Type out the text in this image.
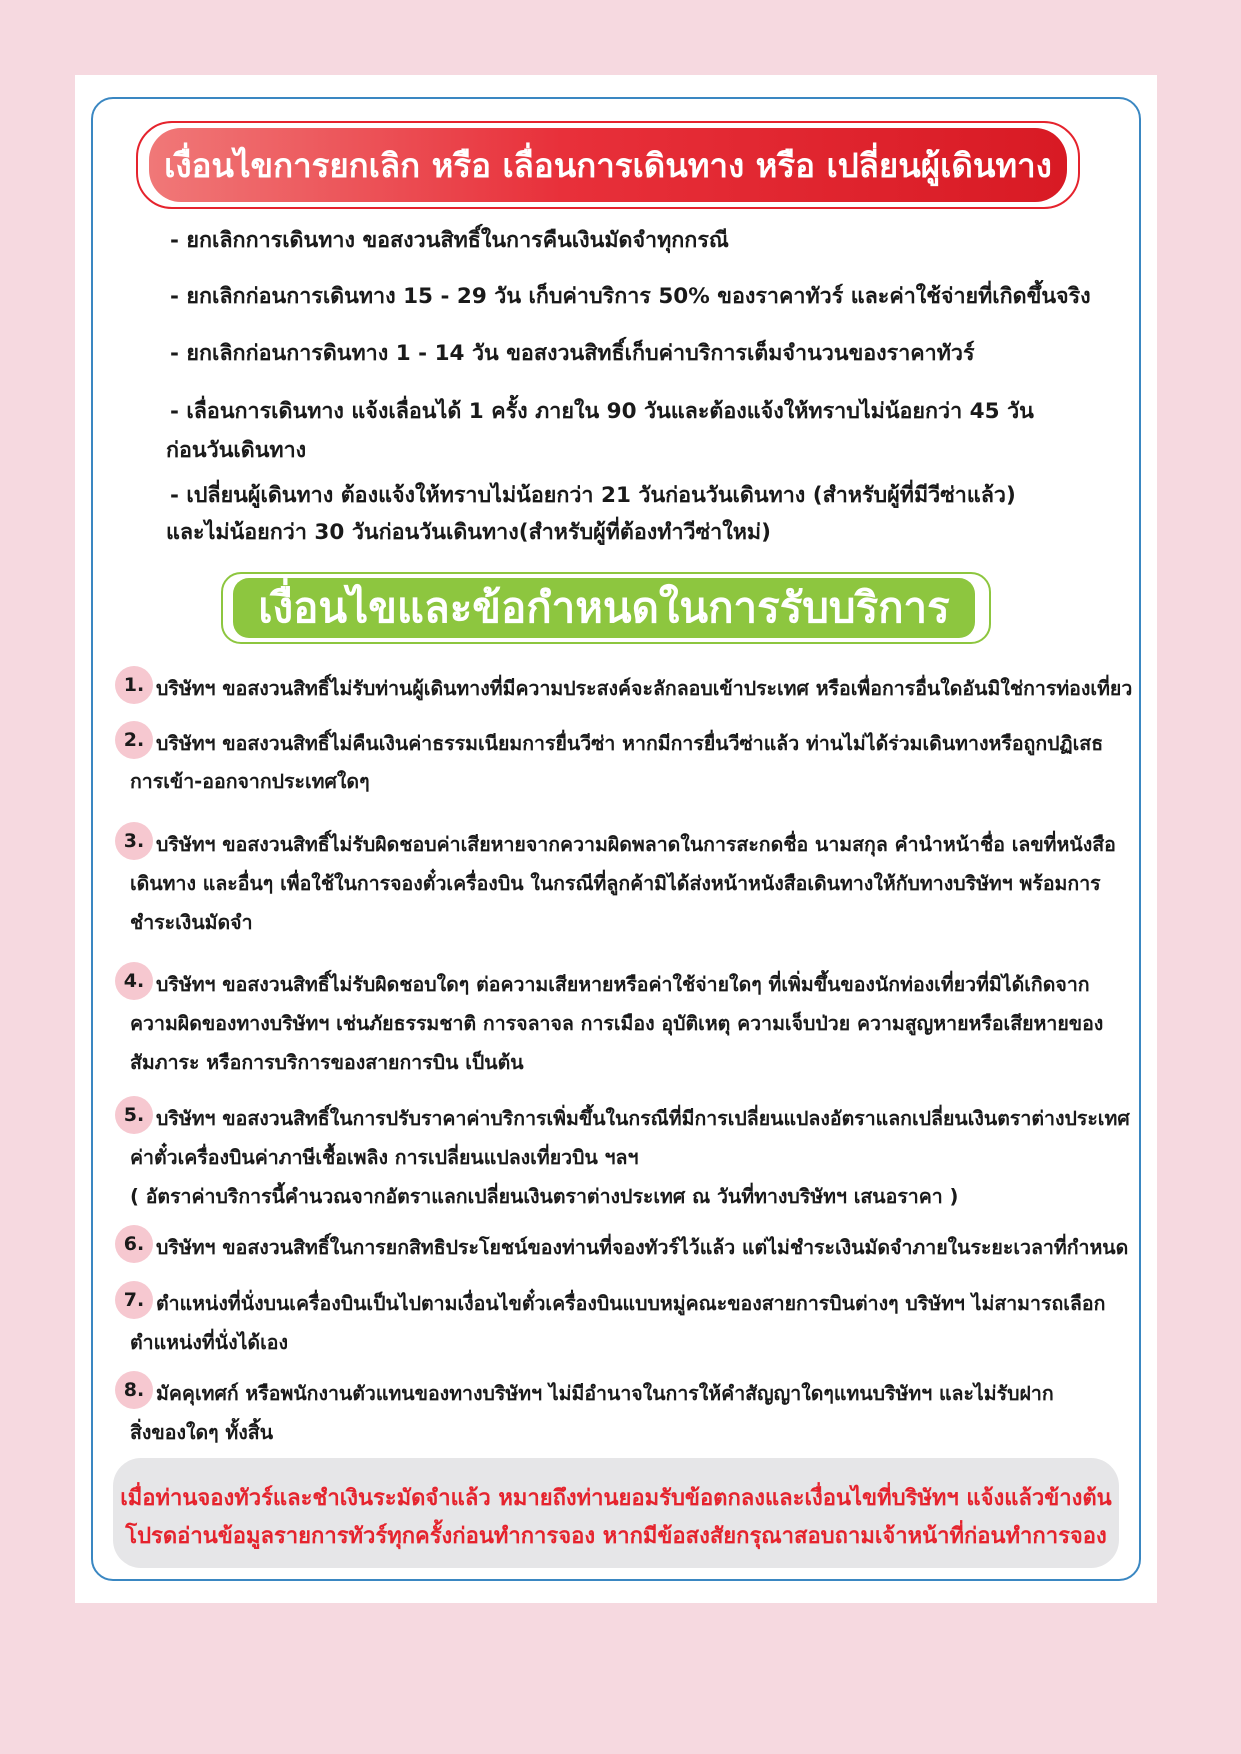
เงื่อนไขการยกเลิก หรือ เลื่อนการเดินทาง หรือ เปลี่ยนผู้เดินทาง
- ยกเลิกการเดินทาง ขอสงวนสิทธิ์ในการคืนเงินมัดจำทุกกรณี
- ยกเลิกก่อนการเดินทาง 15 - 29 วัน เก็บค่าบริการ 50% ของราคาทัวร์ และค่าใช้จ่ายที่เกิดขึ้นจริง
- ยกเลิกก่อนการดินทาง 1 - 14 วัน ขอสงวนสิทธิ์เก็บค่าบริการเต็มจำนวนของราคาทัวร์
- เลื่อนการเดินทาง แจ้งเลื่อนได้ 1 ครั้ง ภายใน 90 วันและต้องแจ้งให้ทราบไม่น้อยกว่า 45 วัน
ก่อนวันเดินทาง
- เปลี่ยนผู้เดินทาง ต้องแจ้งให้ทราบไม่น้อยกว่า 21 วันก่อนวันเดินทาง (สำหรับผู้ที่มีวีซ่าแล้ว)
และไม่น้อยกว่า 30 วันก่อนวันเดินทาง(สำหรับผู้ที่ต้องทำวีซ่าใหม่)
เงื่อนไขและข้อกำหนดในการรับบริการ
1. บริษัทฯ ขอสงวนสิทธิ์ไม่รับท่านผู้เดินทางที่มีความประสงค์จะลักลอบเข้าประเทศ หรือเพื่อการอื่นใดอันมิใช่การท่องเที่ยว
2. บริษัทฯ ขอสงวนสิทธิ์ไม่คืนเงินค่าธรรมเนียมการยื่นวีซ่า หากมีการยื่นวีซ่าแล้ว ท่านไม่ได้ร่วมเดินทางหรือถูกปฏิเสธ
การเข้า-ออกจากประเทศใดๆ
3. บริษัทฯ ขอสงวนสิทธิ์ไม่รับผิดชอบค่าเสียหายจากความผิดพลาดในการสะกดชื่อ นามสกุล คำนำหน้าชื่อ เลขที่หนังสือ
เดินทาง และอื่นๆ เพื่อใช้ในการจองตั๋วเครื่องบิน ในกรณีที่ลูกค้ามิได้ส่งหน้าหนังสือเดินทางให้กับทางบริษัทฯ พร้อมการ
ชำระเงินมัดจำ
4. บริษัทฯ ขอสงวนสิทธิ์ไม่รับผิดชอบใดๆ ต่อความเสียหายหรือค่าใช้จ่ายใดๆ ที่เพิ่มขึ้นของนักท่องเที่ยวที่มิได้เกิดจาก
ความผิดของทางบริษัทฯ เช่นภัยธรรมชาติ การจลาจล การเมือง อุบัติเหตุ ความเจ็บป่วย ความสูญหายหรือเสียหายของ
สัมภาระ หรือการบริการของสายการบิน เป็นต้น
5. บริษัทฯ ขอสงวนสิทธิ์ในการปรับราคาค่าบริการเพิ่มขึ้นในกรณีที่มีการเปลี่ยนแปลงอัตราแลกเปลี่ยนเงินตราต่างประเทศ
ค่าตั๋วเครื่องบินค่าภาษีเชื้อเพลิง การเปลี่ยนแปลงเที่ยวบิน ฯลฯ
( อัตราค่าบริการนี้คำนวณจากอัตราแลกเปลี่ยนเงินตราต่างประเทศ ณ วันที่ทางบริษัทฯ เสนอราคา )
6. บริษัทฯ ขอสงวนสิทธิ์ในการยกสิทธิประโยชน์ของท่านที่จองทัวร์ไว้แล้ว แต่ไม่ชำระเงินมัดจำภายในระยะเวลาที่กำหนด
7. ตำแหน่งที่นั่งบนเครื่องบินเป็นไปตามเงื่อนไขตั๋วเครื่องบินแบบหมู่คณะของสายการบินต่างๆ บริษัทฯ ไม่สามารถเลือก
ตำแหน่งที่นั่งได้เอง
8. มัคคุเทศก์ หรือพนักงานตัวแทนของทางบริษัทฯ ไม่มีอำนาจในการให้คำสัญญาใดๆแทนบริษัทฯ และไม่รับฝาก
สิ่งของใดๆ ทั้งสิ้น
เมื่อท่านจองทัวร์และชำเงินระมัดจำแล้ว หมายถึงท่านยอมรับข้อตกลงและเงื่อนไขที่บริษัทฯ แจ้งแล้วข้างต้น
โปรดอ่านข้อมูลรายการทัวร์ทุกครั้งก่อนทำการจอง หากมีข้อสงสัยกรุณาสอบถามเจ้าหน้าที่ก่อนทำการจอง
